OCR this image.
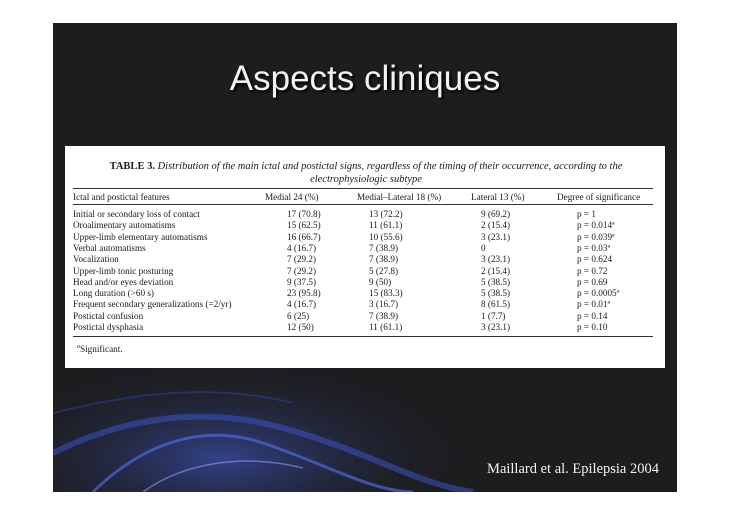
Aspects cliniques
TABLE 3. Distribution of the main ictal and postictal signs, regardless of the timing of their occurrence, according to the electrophysiologic subtype
Ictal and postictal features	Medial 24 (%)	Medial–Lateral 18 (%)	Lateral 13 (%)	Degree of significance
Initial or secondary loss of contact	17 (70.8)	13 (72.2)	9 (69.2)	p = 1
Oroalimentary automatisms	15 (62.5)	11 (61.1)	2 (15.4)	p = 0.014ª
Upper-limb elementary automatisms	16 (66.7)	10 (55.6)	3 (23.1)	p = 0.039ª
Verbal automatisms	4 (16.7)	7 (38.9)	0	p = 0.03ª
Vocalization	7 (29.2)	7 (38.9)	3 (23.1)	p = 0.624
Upper-limb tonic posturing	7 (29.2)	5 (27.8)	2 (15.4)	p = 0.72
Head and/or eyes deviation	9 (37.5)	9 (50)	5 (38.5)	p = 0.69
Long duration (>60 s)	23 (95.8)	15 (83.3)	5 (38.5)	p = 0.0005ª
Frequent secondary generalizations (=2/yr)	4 (16.7)	3 (16.7)	8 (61.5)	p = 0.01ª
Postictal confusion	6 (25)	7 (38.9)	1 (7.7)	p = 0.14
Postictal dysphasia	12 (50)	11 (61.1)	3 (23.1)	p = 0.10
$^a$Significant.
Maillard et al. Epilepsia 2004
